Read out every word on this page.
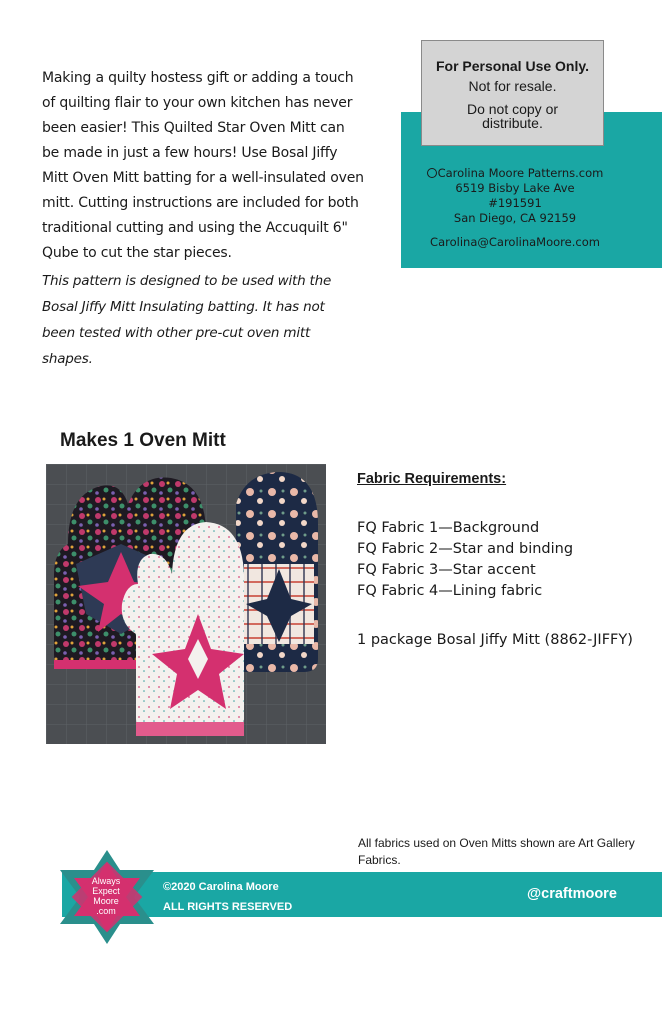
Making a quilty hostess gift or adding a touch of quilting flair to your own kitchen has never been easier! This Quilted Star Oven Mitt can be made in just a few hours! Use Bosal Jiffy Mitt Oven Mitt batting for a well-insulated oven mitt. Cutting instructions are included for both traditional cutting and using the Accuquilt 6" Qube to cut the star pieces.

This pattern is designed to be used with the Bosal Jiffy Mitt Insulating batting. It has not been tested with other pre-cut oven mitt shapes.

For Personal Use Only.
Not for resale.
Do not copy or distribute.
Carolina Moore Patterns.com
6519 Bisby Lake Ave
#191591
San Diego, CA 92159
Carolina@CarolinaMoore.com
Makes 1 Oven Mitt
Fabric Requirements:
FQ Fabric 1—Background
FQ Fabric 2—Star and binding
FQ Fabric 3—Star accent
FQ Fabric 4—Lining fabric

1 package Bosal Jiffy Mitt (8862-JIFFY)

All fabrics used on Oven Mitts shown are Art Gallery Fabrics.

Always
Expect
Moore
.com
©2020 Carolina Moore
ALL RIGHTS RESERVED
@craftmoore
